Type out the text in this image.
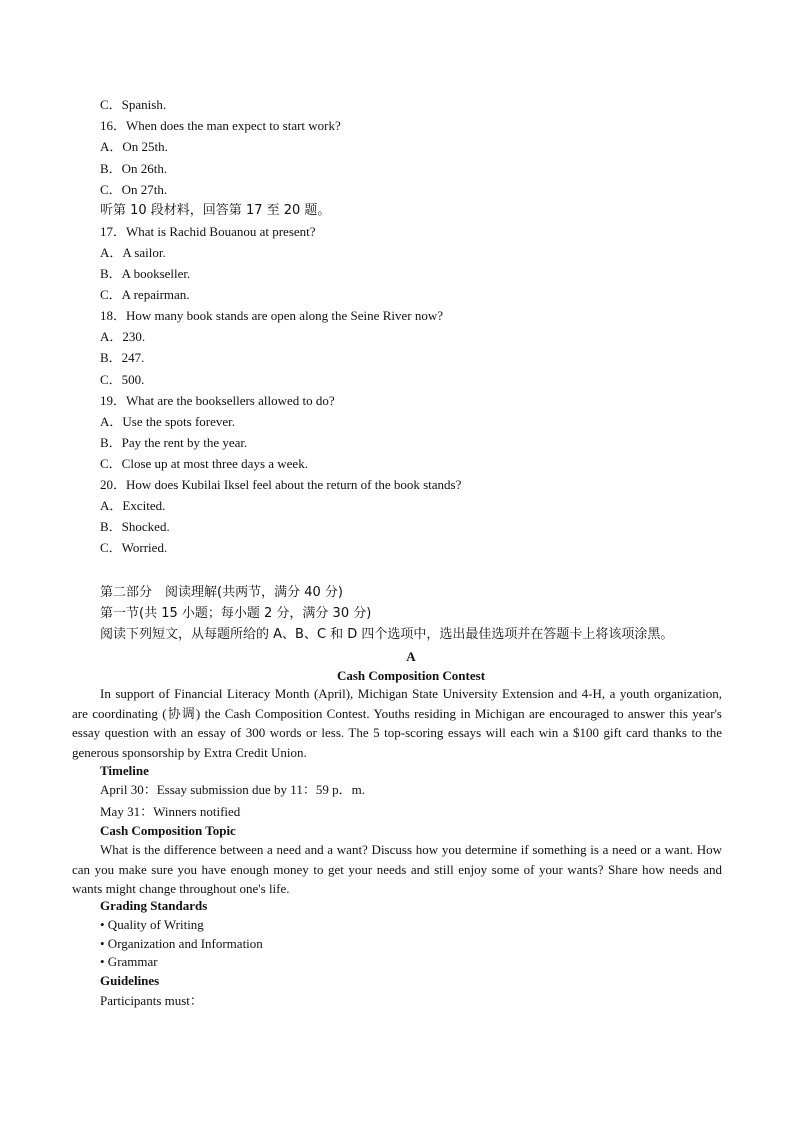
C．Spanish.
16．When does the man expect to start work?
A．On 25th.
B．On 26th.
C．On 27th.
听第 10 段材料，回答第 17 至 20 题。
17．What is Rachid Bouanou at present?
A．A sailor.
B．A bookseller.
C．A repairman.
18．How many book stands are open along the Seine River now?
A．230.
B．247.
C．500.
19．What are the booksellers allowed to do?
A．Use the spots forever.
B．Pay the rent by the year.
C．Close up at most three days a week.
20．How does Kubilai Iksel feel about the return of the book stands?
A．Excited.
B．Shocked.
C．Worried.
第二部分　阅读理解(共两节，满分 40 分)
第一节(共 15 小题；每小题 2 分，满分 30 分)
阅读下列短文，从每题所给的 A、B、C 和 D 四个选项中，选出最佳选项并在答题卡上将该项涂黑。
A
Cash Composition Contest
In support of Financial Literacy Month (April), Michigan State University Extension and 4-H, a youth organization, are coordinating (协调) the Cash Composition Contest. Youths residing in Michigan are encouraged to answer this year's essay question with an essay of 300 words or less. The 5 top-scoring essays will each win a $100 gift card thanks to the generous sponsorship by Extra Credit Union.
Timeline
April 30：Essay submission due by 11：59 p．m.
May 31：Winners notified
Cash Composition Topic
What is the difference between a need and a want? Discuss how you determine if something is a need or a want. How can you make sure you have enough money to get your needs and still enjoy some of your wants? Share how needs and wants might change throughout one's life.
Grading Standards
• Quality of Writing
• Organization and Information
• Grammar
Guidelines
Participants must：
